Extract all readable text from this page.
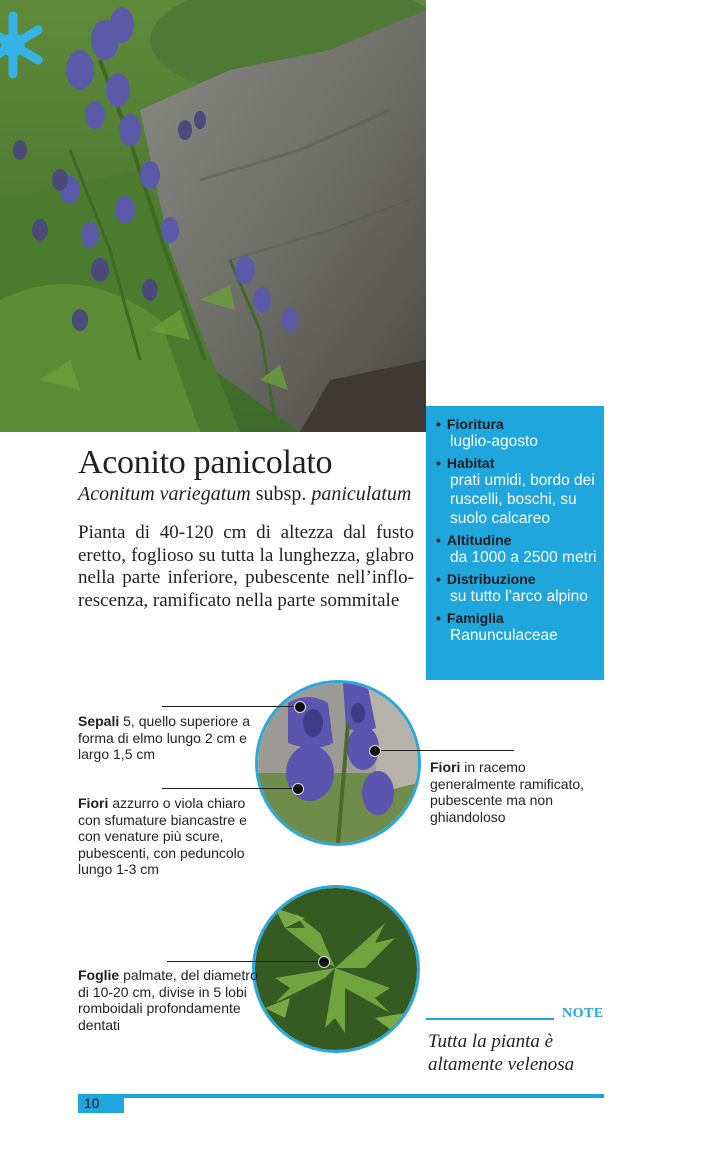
Aconito panicolato
Aconitum variegatum subsp. paniculatum
Pianta di 40-120 cm di altezza dal fusto eretto, foglioso su tutta la lunghezza, glabro nella parte inferiore, pubescente nell’inflo-rescenza, ramificato nella parte sommitale
• Fioritura
luglio-agosto
• Habitat
prati umidi, bordo dei ruscelli, boschi, su suolo calcareo
• Altitudine
da 1000 a 2500 metri
• Distribuzione
su tutto l’arco alpino
• Famiglia
Ranunculaceae
Sepali 5, quello superiore a forma di elmo lungo 2 cm e largo 1,5 cm
Fiori azzurro o viola chiaro con sfumature biancastre e con venature più scure, pubescenti, con peduncolo lungo 1-3 cm
Fiori in racemo generalmente ramificato, pubescente ma non ghiandoloso
Foglie palmate, del diametro di 10-20 cm, divise in 5 lobi romboidali profondamente dentati
NOTE
Tutta la pianta è altamente velenosa
10
